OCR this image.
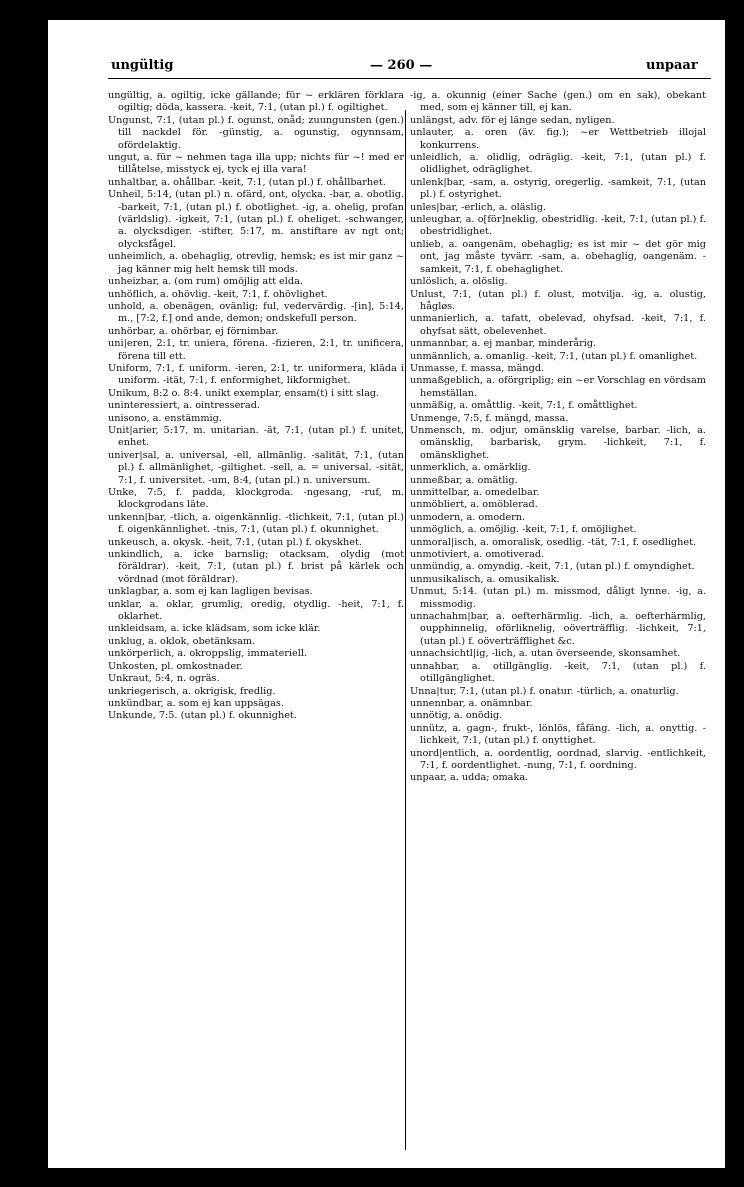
ungültig	— 260 —	unpaar

ungültig, a. ogiltig, icke gällande; für ~ erklären förklara ogiltig; döda, kassera. -keit, 7:1, (utan pl.) f. ogiltighet.

Ungunst, 7:1, (utan pl.) f. ogunst, onåd; zuungunsten (gen.) till nackdel för. -günstig, a. ogunstig, ogynnsam, ofördelaktig.

ungut, a. für ~ nehmen taga illa upp; nichts für ~! med er tillåtelse, misstyck ej, tyck ej illa vara!

unhaltbar, a. ohållbar. -keit, 7:1, (utan pl.) f. ohållbarhet.

Unheil, 5:14, (utan pl.) n. ofärd, ont, olycka. -bar, a. obotlig. -barkeit, 7:1, (utan pl.) f. obotlighet. -ig, a. ohelig, profan (världslig). -igkeit, 7:1, (utan pl.) f. oheliget. -schwanger, a. olycksdiger. -stifter, 5:17, m. anstiftare av ngt ont; olycksfågel.

unheimlich, a. obehaglig, otrevlig, hemsk; es ist mir ganz ~ jag känner mig helt hemsk till mods.

unheizbar, a. (om rum) omöjlig att elda.

unhöflich, a. ohövlig. -keit, 7:1, f. ohövlighet.

unhold, a. obenägen, ovänlig; ful, vedervärdig. -[in], 5:14, m., [7:2, f.] ond ande, demon; ondskefull person.

unhörbar, a. ohörbar, ej förnimbar.

uni|eren, 2:1, tr. uniera, förena. -fizieren, 2:1, tr. unificera, förena till ett.

Uniform, 7:1, f. uniform. -ieren, 2:1, tr. uniformera, kläda i uniform. -ität, 7:1, f. enformighet, likformighet.

Unikum, 8:2 o. 8:4. unikt exemplar, ensam(t) i sitt slag.

uninteressiert, a. ointresserad.

unisono, a. enstämmig.

Unit|arier, 5:17, m. unitarian. -ät, 7:1, (utan pl.) f. unitet, enhet.

univer|sal, a. universal, -ell, allmänlig. -salität, 7:1, (utan pl.) f. allmänlighet, -giltighet. -sell, a. = universal. -sität, 7:1, f. universitet. -um, 8:4, (utan pl.) n. universum.

Unke, 7:5, f. padda, klockgroda. -ngesang, -ruf, m. klockgrodans läte.

unkenn|bar, -tlich, a. oigenkännlig. -tlichkeit, 7:1, (utan pl.) f. oigenkännlighet. -tnis, 7:1, (utan pl.) f. okunnighet.

unkeusch, a. okysk. -heit, 7:1, (utan pl.) f. okyskhet.

unkindlich, a. icke barnslig; otacksam, olydig (mot föräldrar). -keit, 7:1, (utan pl.) f. brist på kärlek och vördnad (mot föräldrar).

unklagbar, a. som ej kan lagligen bevisas.

unklar, a. oklar, grumlig, oredig, otydlig. -heit, 7:1, f. oklarhet.

unkleidsam, a. icke klädsam, som icke klär.

unklug, a. oklok, obetänksam.

unkörperlich, a. okroppslig, immateriell.

Unkosten, pl. omkostnader.

Unkraut, 5:4, n. ogräs.

unkriegerisch, a. okrigisk, fredlig.

unkündbar, a. som ej kan uppsägas.

Unkunde, 7:5. (utan pl.) f. okunnighet.

-ig, a. okunnig (einer Sache (gen.) om en sak), obekant med, som ej känner till, ej kan.

unlängst, adv. för ej länge sedan, nyligen.

unlauter, a. oren (äv. fig.); ~er Wettbetrieb illojal konkurrens.

unleidlich, a. olidlig, odräglig. -keit, 7:1, (utan pl.) f. olidlighet, odräglighet.

unlenk|bar, -sam, a. ostyrig, oregerlig. -samkeit, 7:1, (utan pl.) f. ostyrighet.

unles|bar, -erlich, a. oläslig.

unleugbar, a. o[för]neklig, obestridlig. -keit, 7:1, (utan pl.) f. obestridlighet.

unlieb, a. oangenäm, obehaglig; es ist mir ~ det gör mig ont, jag måste tyvärr. -sam, a. obehaglig, oangenäm. -samkeit, 7:1, f. obehaglighet.

unlöslich, a. olöslig.

Unlust, 7:1, (utan pl.) f. olust, motvilja. -ig, a. olustig, hågløs.

unmanierlich, a. tafatt, obelevad, ohyfsad. -keit, 7:1, f. ohyfsat sätt, obelevenhet.

unmannbar, a. ej manbar, minderårig.

unmännlich, a. omanlig. -keit, 7:1, (utan pl.) f. omanlighet.

Unmasse, f. massa, mängd.

unmaßgeblich, a. oförgriplig; ein ~er Vorschlag en vördsam hemställan.

unmäßig, a. omåttlig. -keit, 7:1, f. omåttlighet.

Unmenge, 7:5, f. mängd, massa.

Unmensch, m. odjur, omänsklig varelse, barbar. -lich, a. omänsklig, barbarisk, grym. -lichkeit, 7:1, f. omänsklighet.

unmerklich, a. omärklig.

unmeßbar, a. omätlig.

unmittelbar, a. omedelbar.

unmöbliert, a. omöblerad.

unmodern, a. omodern.

unmöglich, a. omöjlig. -keit, 7:1, f. omöjlighet.

unmoral|isch, a. omoralisk, osedlig. -tät, 7:1, f. osedlighet.

unmotiviert, a. omotiverad.

unmündig, a. omyndig. -keit, 7:1, (utan pl.) f. omyndighet.

unmusikalisch, a. omusikalisk.

Unmut, 5:14. (utan pl.) m. missmod, dåligt lynne. -ig, a. missmodig.

unnachahm|bar, a. oefterhärmlig. -lich, a. oefterhärmlig, oupphinnelig, oförliknelig, oöverträfflig. -lichkeit, 7:1, (utan pl.) f. oöverträfflighet &c.

unnachsichtl|ig, -lich, a. utan överseende, skonsamhet.

unnahbar, a. otillgänglig. -keit, 7:1, (utan pl.) f. otillgänglighet.

Unna|tur, 7:1, (utan pl.) f. onatur. -türlich, a. onaturlig.

unnennbar, a. onämnbar.

unnötig, a. onödig.

unnütz, a. gagn-, frukt-, lönlös, fåfäng. -lich, a. onyttig. -lichkeit, 7:1, (utan pl.) f. onyttighet.

unord|entlich, a. oordentlig, oordnad, slarvig. -entlichkeit, 7:1, f. oordentlighet. -nung, 7:1, f. oordning.

unpaar, a. udda; omaka.
